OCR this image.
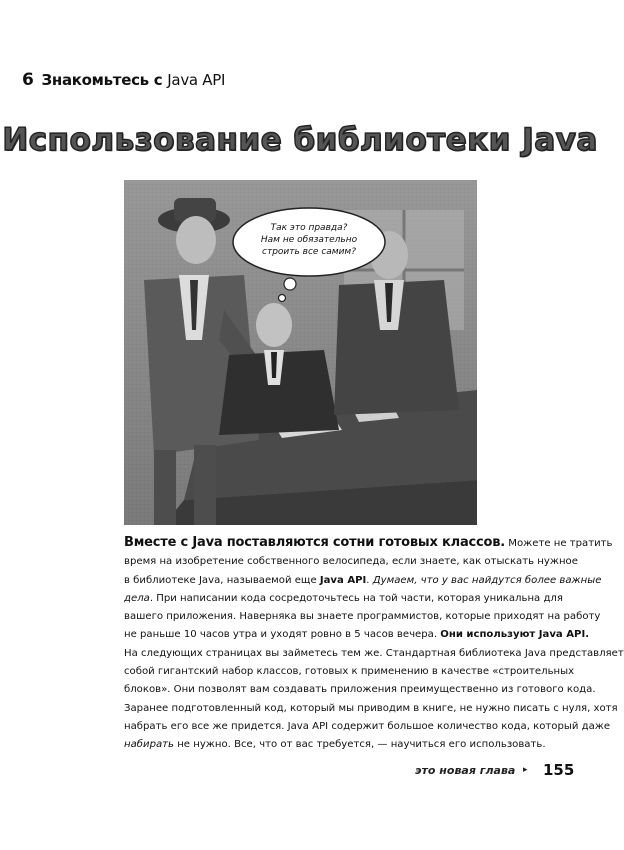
6 Знакомьтесь с Java API
Использование библиотеки Java
Так это правда?
Нам не обязательно
строить все самим?
Вместе с Java поставляются сотни готовых классов. Можете не тратить
время на изобретение собственного велосипеда, если знаете, как отыскать нужное
в библиотеке Java, называемой еще Java API. Думаем, что у вас найдутся более важные
дела. При написании кода сосредоточьтесь на той части, которая уникальна для
вашего приложения. Наверняка вы знаете программистов, которые приходят на работу
не раньше 10 часов утра и уходят ровно в 5 часов вечера. Они используют Java API.
На следующих страницах вы займетесь тем же. Стандартная библиотека Java представляет
собой гигантский набор классов, готовых к применению в качестве «строительных
блоков». Они позволят вам создавать приложения преимущественно из готового кода.
Заранее подготовленный код, который мы приводим в книге, не нужно писать с нуля, хотя
набрать его все же придется. Java API содержит большое количество кода, который даже
набирать не нужно. Все, что от вас требуется, — научиться его использовать.
это новая глава ▸ 155
